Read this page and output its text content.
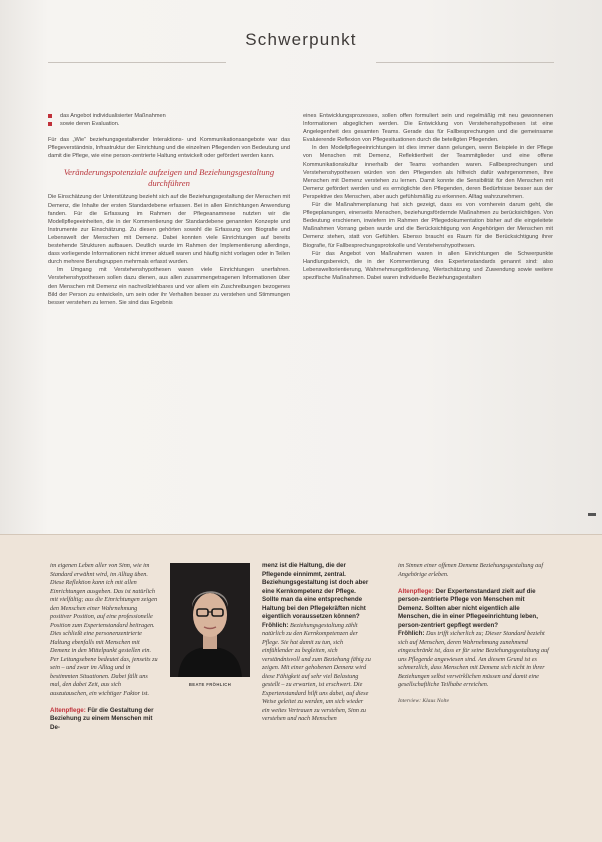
Schwerpunkt
das Angebot individualisierter Maßnahmen
sowie deren Evaluation.

Für das „Wie“ beziehungsgestaltender Interaktions- und Kommunikationsangebote war das Pflegeverständnis, Infrastruktur der Einrichtung und die einzelnen Pflegenden von Bedeutung und damit die Pflege, wie eine person-zentrierte Haltung entwickelt oder gefördert werden kann.

Veränderungspotenziale aufzeigen und Beziehungsgestaltung durchführen

Die Einschätzung der Unterstützung bezieht sich auf die Beziehungsgestaltung der Menschen mit Demenz, die Inhalte der ersten Standardebene erfassen. Bei in allen Einrichtungen Anwendung fanden. Für die Erfassung im Rahmen der Pflegeanamnese nutzten wir die Modellpflegeeinheiten, die in der Kommentierung der Standardebene genannten Konzepte und Instrumente zur Einschätzung. Zu diesen gehörten sowohl die Erfassung von Biografie und Lebenswelt der Menschen mit Demenz. Dabei konnten viele Einrichtungen auf bereits bestehende Strukturen aufbauen. Deutlich wurde im Rahmen der Implementierung allerdings, dass vorliegende Informationen nicht immer aktuell waren und häufig nicht vorlagen oder in Teilen durch mehrere Berufsgruppen mehrmals erfasst wurden.

Im Umgang mit Verstehenshypothesen waren viele Einrichtungen unerfahren. Verstehenshypothesen sollen dazu dienen, aus allen zusammengetragenen Informationen über den Menschen mit Demenz ein nachvollziehbares und vor allem ein Zuschreibungen bezogenes Bild der Person zu entwickeln, um sein oder ihr Verhalten besser zu verstehen und Stimmungen besser verstehen zu lernen. Sie sind das Ergebnis

eines Entwicklungsprozesses, sollen offen formuliert sein und regelmäßig mit neu gewonnenen Informationen abgeglichen werden. Die Entwicklung von Verstehenshypothesen ist eine Angelegenheit des gesamten Teams. Gerade das für Fallbesprechungen und die gemeinsame Evaluierende Reflexion von Pflegesituationen durch die beteiligten Pflegenden.

In den Modellpflegeeinrichtungen ist dies immer dann gelungen, wenn Beispiele in der Pflege von Menschen mit Demenz, Reflektiertheit der Teammitglieder und eine offene Kommunikationskultur innerhalb der Teams vorhanden waren. Fallbesprechungen und Verstehenshypothesen würden von den Pflegenden als hilfreich dafür wahrgenommen, Ihre Menschen mit Demenz verstehen zu lernen. Damit konnte die Sensibilität für den Menschen mit Demenz gefördert werden und es ermöglichte den Pflegenden, deren Bedürfnisse besser aus der Perspektive des Menschen, aber auch gefühlsmäßig zu erkennen. Alltag wahrzunehmen.

Für die Maßnahmenplanung hat sich gezeigt, dass es von vornherein darum geht, die Pflegeplanungen, einerseits Menschen, beziehungsfördernde Maßnahmen zu berücksichtigen. Von Bedeutung erschienen, inwiefern im Rahmen der Pflegedokumentation bisher auf die eingeleitete Maßnahmen Vorrang geben wurde und die Berücksichtigung von Angehörigen der Menschen mit Demenz stehen, statt von Gefühlen. Ebenso braucht es Raum für die Berücksichtigung ihrer Biografie, für Fallbesprechungsprotokolle und Verstehenshypothesen.

Für das Angebot von Maßnahmen waren in allen Einrichtungen die Schwerpunkte Handlungsbereich, die in der Kommentierung des Expertenstandards genannt sind: also Lebensweltorientierung, Wahrnehmungsförderung, Wertschätzung und Zuwendung sowie weitere spezifische Maßnahmen. Dabei waren individuelle Beziehungsgestalten

im eigenen Leben aller von Sinn, wie im Standard erwähnt wird, im Alltag üben. Diese Reflektion kann ich mit allen Einrichtungen ausgeben. Das ist natürlich mit vielfältig; aus die Einrichtungen zeigen den Menschen einer Wahrnehmung positiver Position, auf eine professionelle Position zum Expertenstandard beitragen. Dies schließt eine personenzentrierte Haltung ebenfalls mit Menschen mit Demenz in den Mittelpunkt gestellen ein. Per Leitungsebene bedeutet das, jenseits zu sein – und zwar im Alltag und in bestimmten Situationen. Dabei fällt uns mal, den dabei Zeit, aus sich auszutauschen, ein wichtiger Faktor ist.

Altenpflege: Für die Gestaltung der Beziehung zu einem Menschen mit De-

BEATE FRÖHLICH

menz ist die Haltung, die der Pflegende einnimmt, zentral. Beziehungsgestaltung ist doch aber eine Kernkompetenz der Pflege. Sollte man da eine entsprechende Haltung bei den Pflegekräften nicht eigentlich voraussetzen können?

Fröhlich: Beziehungsgestaltung zählt natürlich zu den Kernkompetenzen der Pflege. Sie hat damit zu tun, sich einfühlender zu begleiten, sich verständnisvoll und zum Beziehung fähig zu zeigen. Mit einer gehobenen Demenz wird diese Fähigkeit auf sehr viel Belastung gestellt – zu erwarten, ist erschwert. Die Expertenstandard hilft uns dabei, auf diese Weise geleitet zu werden, um sich wieder ein weites Vertrauen zu verstehen, Sinn zu verstehen und nach Menschen

im Sinnen einer offenen Demenz Beziehungsgestaltung auf Angehörige erleben.

Altenpflege: Der Expertenstandard zielt auf die person-zentrierte Pflege von Menschen mit Demenz. Sollten aber nicht eigentlich alle Menschen, die in einer Pflegeeinrichtung leben, person-zentriert gepflegt werden?

Fröhlich: Das trifft sicherlich zu; Dieser Standard bezieht sich auf Menschen, deren Wahrnehmung zunehmend eingeschränkt ist, dass er für seine Beziehungsgestaltung auf uns Pflegende angewiesen sind. Am diesem Grund ist es schmerzlich, dass Menschen mit Demenz sich nicht in ihrer Beziehungen selbst verwirklichen müssen und damit eine gesellschaftliche Teilhabe erreichen.

Interview: Klaus Nolte
